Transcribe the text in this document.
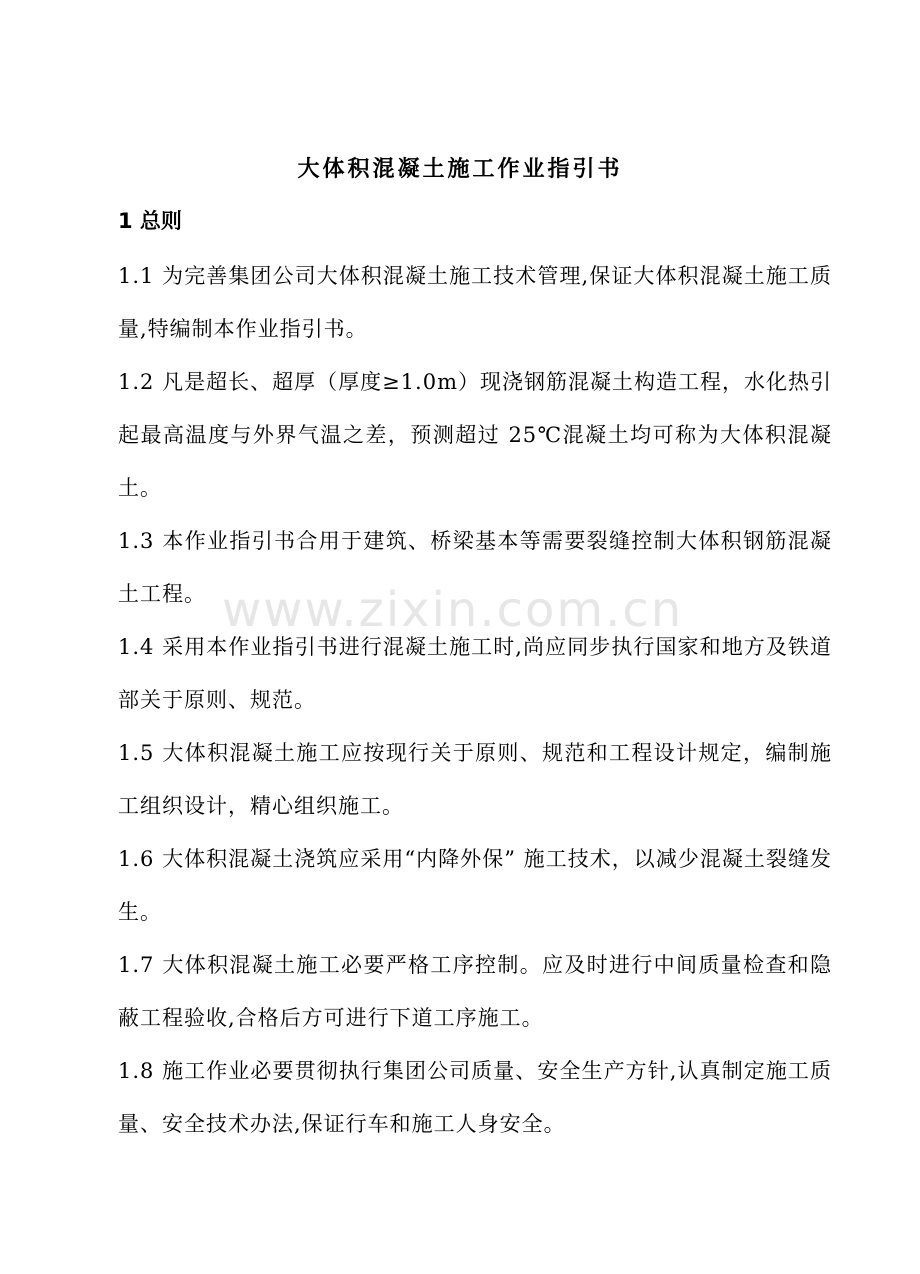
www.zixin.com.cn
大体积混凝土施工作业指引书
1 总则

1.1 为完善集团公司大体积混凝土施工技术管理,保证大体积混凝土施工质量,特编制本作业指引书。

1.2 凡是超长、超厚（厚度≥1.0m）现浇钢筋混凝土构造工程，水化热引起最高温度与外界气温之差，预测超过 25℃混凝土均可称为大体积混凝土。

1.3 本作业指引书合用于建筑、桥梁基本等需要裂缝控制大体积钢筋混凝土工程。

1.4 采用本作业指引书进行混凝土施工时,尚应同步执行国家和地方及铁道部关于原则、规范。

1.5 大体积混凝土施工应按现行关于原则、规范和工程设计规定，编制施工组织设计，精心组织施工。

1.6 大体积混凝土浇筑应采用“内降外保” 施工技术，以减少混凝土裂缝发生。

1.7 大体积混凝土施工必要严格工序控制。应及时进行中间质量检查和隐蔽工程验收,合格后方可进行下道工序施工。

1.8 施工作业必要贯彻执行集团公司质量、安全生产方针,认真制定施工质量、安全技术办法,保证行车和施工人身安全。
